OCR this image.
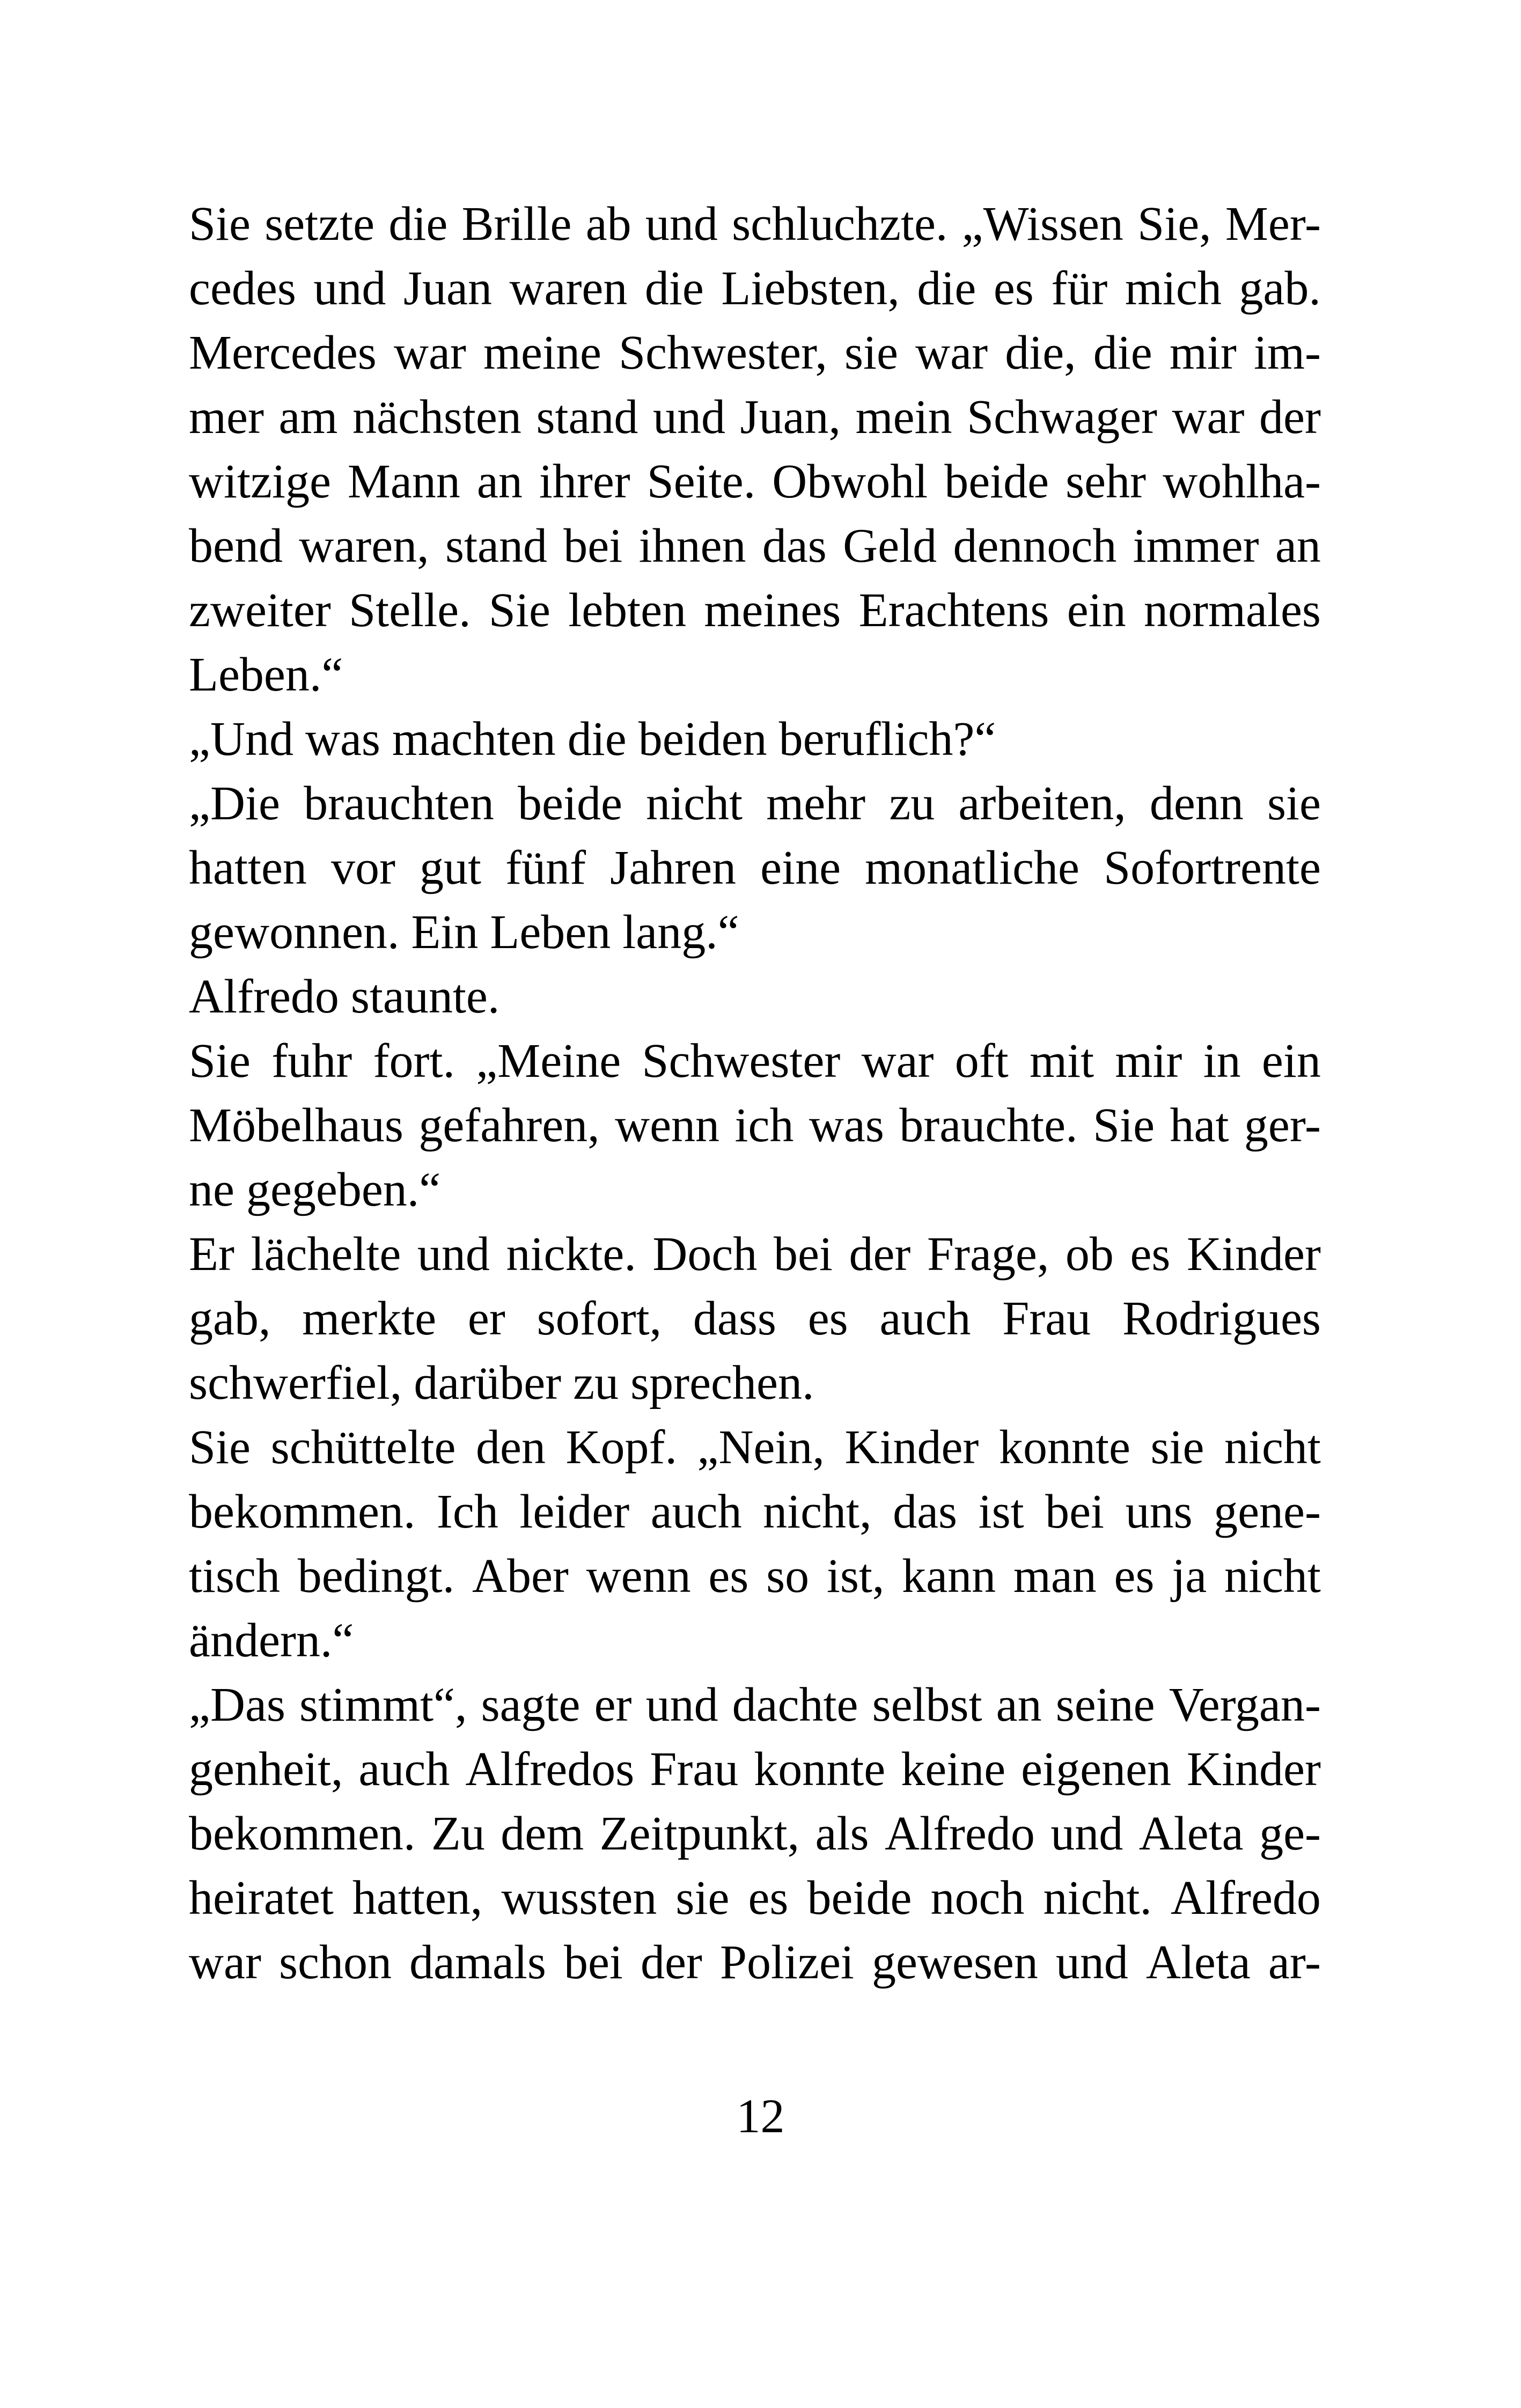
Sie setzte die Brille ab und schluchzte. „Wissen Sie, Mer-
cedes und Juan waren die Liebsten, die es für mich gab.
Mercedes war meine Schwester, sie war die, die mir im-
mer am nächsten stand und Juan, mein Schwager war der
witzige Mann an ihrer Seite. Obwohl beide sehr wohlha-
bend waren, stand bei ihnen das Geld dennoch immer an
zweiter Stelle. Sie lebten meines Erachtens ein normales
Leben.“
„Und was machten die beiden beruflich?“
„Die brauchten beide nicht mehr zu arbeiten, denn sie
hatten vor gut fünf Jahren eine monatliche Sofortrente
gewonnen. Ein Leben lang.“
Alfredo staunte.
Sie fuhr fort. „Meine Schwester war oft mit mir in ein
Möbelhaus gefahren, wenn ich was brauchte. Sie hat ger-
ne gegeben.“
Er lächelte und nickte. Doch bei der Frage, ob es Kinder
gab, merkte er sofort, dass es auch Frau Rodrigues
schwerfiel, darüber zu sprechen.
Sie schüttelte den Kopf. „Nein, Kinder konnte sie nicht
bekommen. Ich leider auch nicht, das ist bei uns gene-
tisch bedingt. Aber wenn es so ist, kann man es ja nicht
ändern.“
„Das stimmt“, sagte er und dachte selbst an seine Vergan-
genheit, auch Alfredos Frau konnte keine eigenen Kinder
bekommen. Zu dem Zeitpunkt, als Alfredo und Aleta ge-
heiratet hatten, wussten sie es beide noch nicht. Alfredo
war schon damals bei der Polizei gewesen und Aleta ar-
12
